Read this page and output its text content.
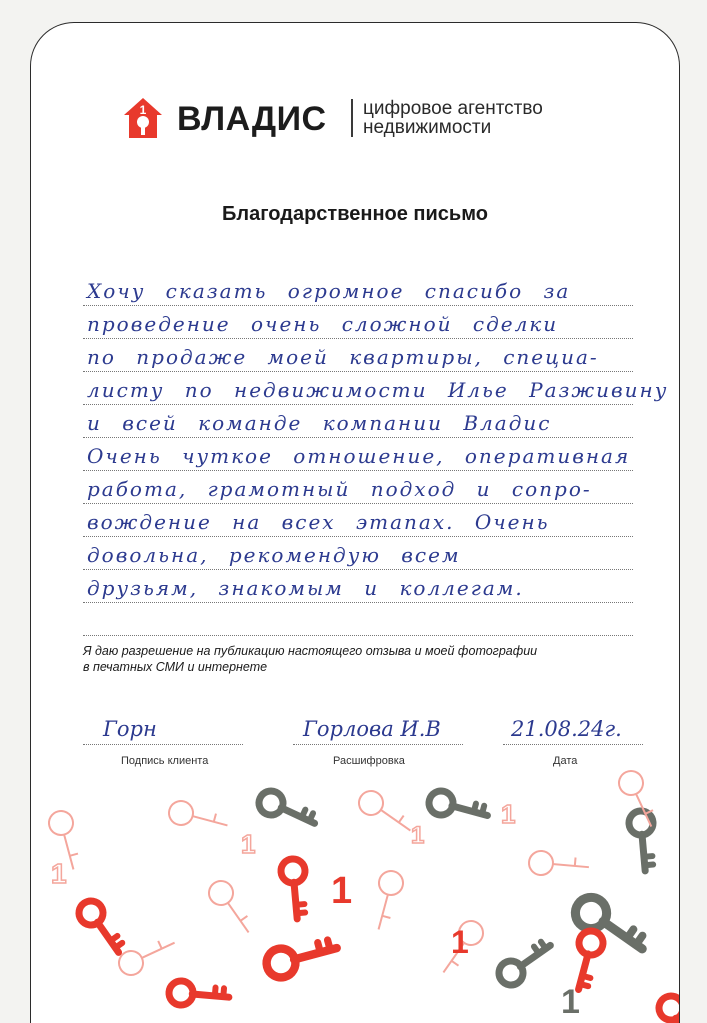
1 ВЛАДИС цифровое агентство
недвижимости
Благодарственное письмо
Хочу сказать огромное спасибо за
проведение очень сложной сделки
по продаже моей квартиры, специа-
листу по недвижимости Илье Разживину
и всей команде компании Владис
Очень чуткое отношение, оперативная
работа, грамотный подход и сопро-
вождение на всех этапах. Очень
довольна, рекомендую всем
друзьям, знакомым и коллегам.
Я даю разрешение на публикацию настоящего отзыва и моей фотографии
в печатных СМИ и интернете
Горн
Подпись клиента
Горлова И.В
Расшифровка
21.08.24г.
Дата
1
1
1
1
1	1
1
